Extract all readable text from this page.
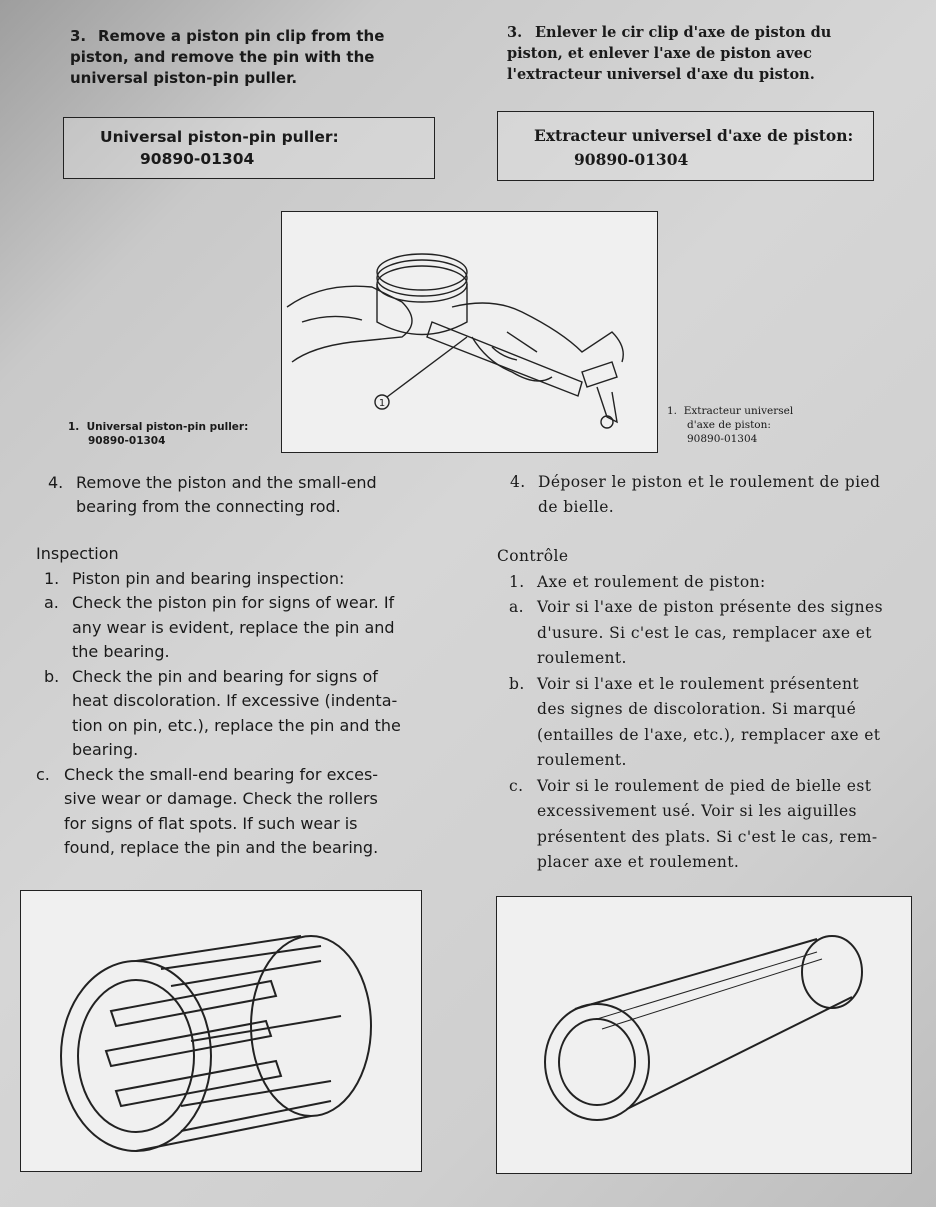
3. Remove a piston pin clip from the piston, and remove the pin with the universal piston-pin puller.
3. Enlever le cir clip d'axe de piston du piston, et enlever l'axe de piston avec l'extracteur universel d'axe du piston.
Universal piston-pin puller:
90890-01304
Extracteur universel d'axe de piston:
90890-01304
1
1. Universal piston-pin puller:
90890-01304
1. Extracteur universel
d'axe de piston:
90890-01304
4. Remove the piston and the small-end
bearing from the connecting rod.
4. Déposer le piston et le roulement de pied
de bielle.
Inspection
1. Piston pin and bearing inspection:
a. Check the piston pin for signs of wear. If
any wear is evident, replace the pin and
the bearing.
b. Check the pin and bearing for signs of
heat discoloration. If excessive (indenta-
tion on pin, etc.), replace the pin and the
bearing.
c. Check the small-end bearing for exces-
sive wear or damage. Check the rollers
for signs of flat spots. If such wear is
found, replace the pin and the bearing.
Contrôle
1. Axe et roulement de piston:
a. Voir si l'axe de piston présente des signes
d'usure. Si c'est le cas, remplacer axe et
roulement.
b. Voir si l'axe et le roulement présentent
des signes de discoloration. Si marqué
(entailles de l'axe, etc.), remplacer axe et
roulement.
c. Voir si le roulement de pied de bielle est
excessivement usé. Voir si les aiguilles
présentent des plats. Si c'est le cas, rem-
placer axe et roulement.
